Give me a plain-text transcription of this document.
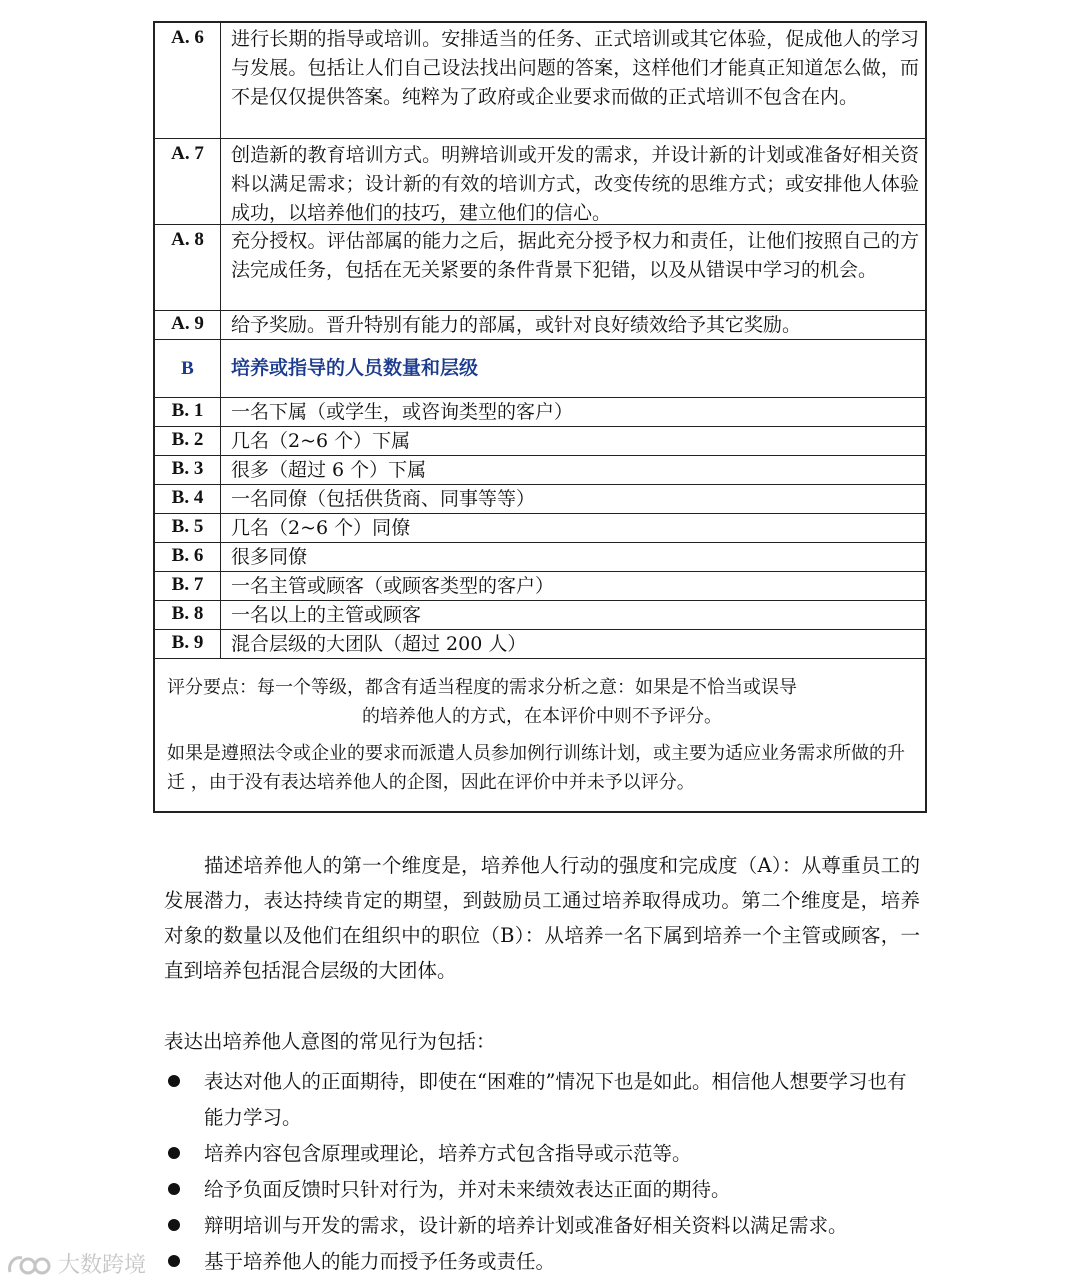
A. 6	进行长期的指导或培训。安排适当的任务、正式培训或其它体验，促成他人的学习与发展。包括让人们自己设法找出问题的答案，这样他们才能真正知道怎么做，而不是仅仅提供答案。纯粹为了政府或企业要求而做的正式培训不包含在内。
A. 7	创造新的教育培训方式。明辨培训或开发的需求，并设计新的计划或准备好相关资料以满足需求；设计新的有效的培训方式，改变传统的思维方式；或安排他人体验成功，以培养他们的技巧，建立他们的信心。
A. 8	充分授权。评估部属的能力之后，据此充分授予权力和责任，让他们按照自己的方法完成任务，包括在无关紧要的条件背景下犯错，以及从错误中学习的机会。
A. 9	给予奖励。晋升特别有能力的部属，或针对良好绩效给予其它奖励。
B	培养或指导的人员数量和层级
B. 1	一名下属（或学生，或咨询类型的客户）
B. 2	几名（2~6 个）下属
B. 3	很多（超过 6 个）下属
B. 4	一名同僚（包括供货商、同事等等）
B. 5	几名（2~6 个）同僚
B. 6	很多同僚
B. 7	一名主管或顾客（或顾客类型的客户）
B. 8	一名以上的主管或顾客
B. 9	混合层级的大团队（超过 200 人）

评分要点：每一个等级，都含有适当程度的需求分析之意：如果是不恰当或误导

的培养他人的方式，在本评价中则不予评分。

如果是遵照法令或企业的要求而派遣人员参加例行训练计划，或主要为适应业务需求所做的升迁 ，由于没有表达培养他人的企图，因此在评价中并未予以评分。

描述培养他人的第一个维度是，培养他人行动的强度和完成度（A）：从尊重员工的发展潜力，表达持续肯定的期望，到鼓励员工通过培养取得成功。第二个维度是，培养对象的数量以及他们在组织中的职位（B）：从培养一名下属到培养一个主管或顾客，一直到培养包括混合层级的大团体。

表达出培养他人意图的常见行为包括：

表达对他人的正面期待，即使在“困难的”情况下也是如此。相信他人想要学习也有能力学习。
培养内容包含原理或理论，培养方式包含指导或示范等。
给予负面反馈时只针对行为，并对未来绩效表达正面的期待。
辩明培训与开发的需求，设计新的培养计划或准备好相关资料以满足需求。
基于培养他人的能力而授予任务或责任。
大数跨境
